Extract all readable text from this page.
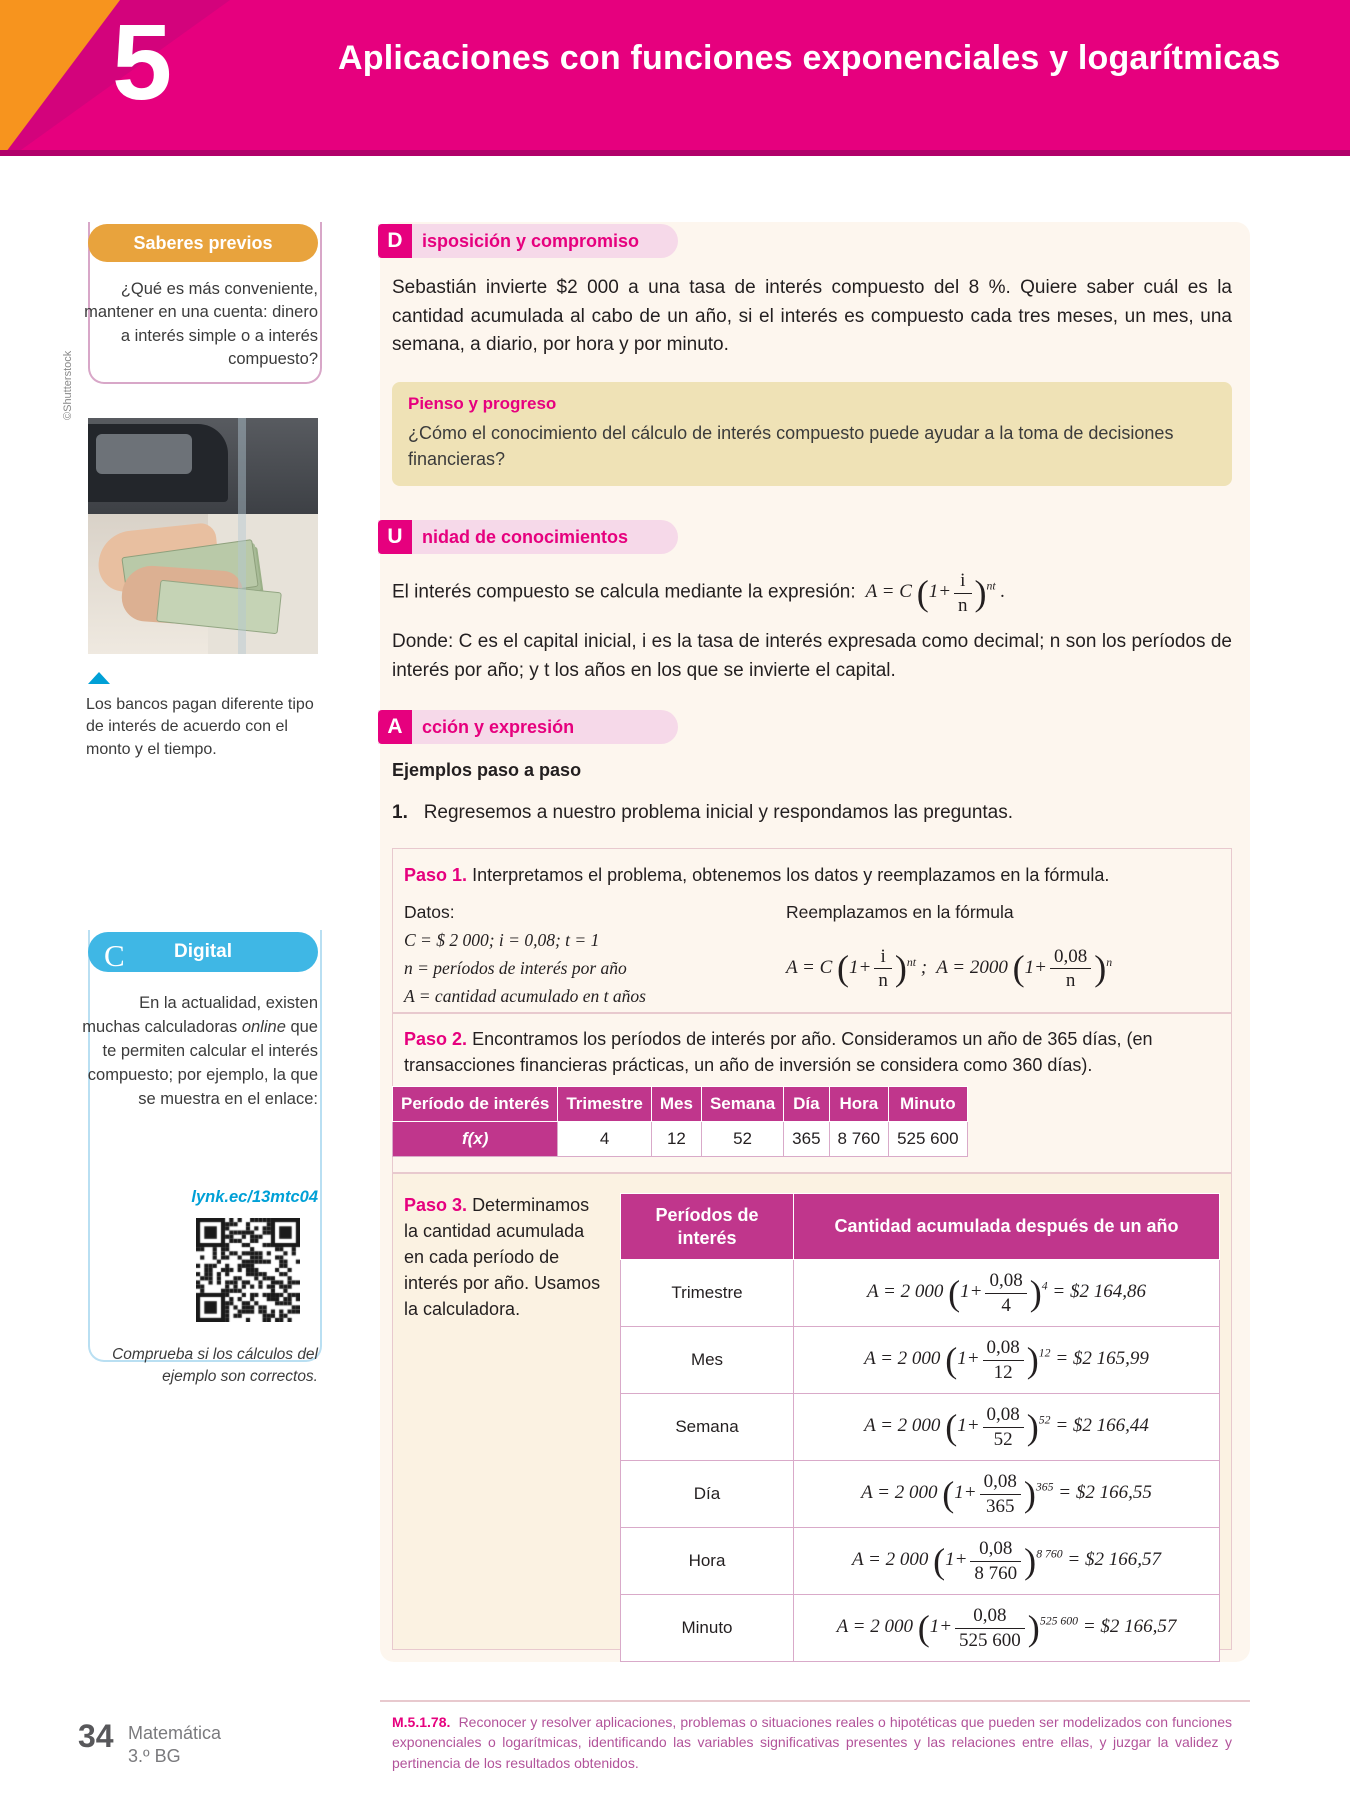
5	Aplicaciones con funciones exponenciales y logarítmicas
Saberes previos
¿Qué es más conveniente, mantener en una cuenta: dinero a interés simple o a interés compuesto?
©Shutterstock
Los bancos pagan diferente tipo de interés de acuerdo con el monto y el tiempo.
Digital
C
En la actualidad, existen muchas calculadoras online que te permiten calcular el interés compuesto; por ejemplo, la que se muestra en el enlace:
lynk.ec/13mtc04
Comprueba si los cálculos del ejemplo son correctos.
D	isposición y compromiso
Sebastián invierte $2 000 a una tasa de interés compuesto del 8 %. Quiere saber cuál es la cantidad acumulada al cabo de un año, si el interés es compuesto cada tres meses, un mes, una semana, a diario, por hora y por minuto.
Pienso y progreso

¿Cómo el conocimiento del cálculo de interés compuesto puede ayudar a la toma de decisiones financieras?

U	nidad de conocimientos
El interés compuesto se calcula mediante la expresión:  A = C $(1+ \frac{i}{n} )^{nt}$ .
Donde: C es el capital inicial, i es la tasa de interés expresada como decimal; n son los períodos de interés por año; y t los años en los que se invierte el capital.
A	cción y expresión
Ejemplos paso a paso
1. Regresemos a nuestro problema inicial y respondamos las preguntas.
Paso 1. Interpretamos el problema, obtenemos los datos y reemplazamos en la fórmula.
Datos:
C = $ 2 000; i = 0,08; t = 1
n = períodos de interés por año
A = cantidad acumulado en t años
Reemplazamos en la fórmula
A = C $(1+ \frac{i}{n} )^{nt}$ ;  A = 2000 $(1+ \frac{0,08}{n} )^n$
Paso 2. Encontramos los períodos de interés por año. Consideramos un año de 365 días, (en transacciones financieras prácticas, un año de inversión se considera como 360 días).
Período de interés	Trimestre	Mes	Semana	Día	Hora	Minuto
f(x)	4	12	52	365	8 760	525 600
Paso 3. Determinamos la cantidad acumulada en cada período de interés por año. Usamos la calculadora.
Períodos de interés	Cantidad acumulada después de un año
Trimestre	A = 2 000 $(1+ \frac{0,08}{4} )^4$ = $2 164,86
Mes	A = 2 000 $(1+ \frac{0,08}{12} )^{12}$ = $2 165,99
Semana	A = 2 000 $(1+ \frac{0,08}{52} )^{52}$ = $2 166,44
Día	A = 2 000 $(1+ \frac{0,08}{365} )^{365}$ = $2 166,55
Hora	A = 2 000 $(1+ \frac{0,08}{8 760} )^{8 760}$ = $2 166,57
Minuto	A = 2 000 $(1+ \frac{0,08}{525 600} )^{525 600}$ = $2 166,57
34 Matemática
3.º BG
M.5.1.78. Reconocer y resolver aplicaciones, problemas o situaciones reales o hipotéticas que pueden ser modelizados con funciones exponenciales o logarítmicas, identificando las variables significativas presentes y las relaciones entre ellas, y juzgar la validez y pertinencia de los resultados obtenidos.
